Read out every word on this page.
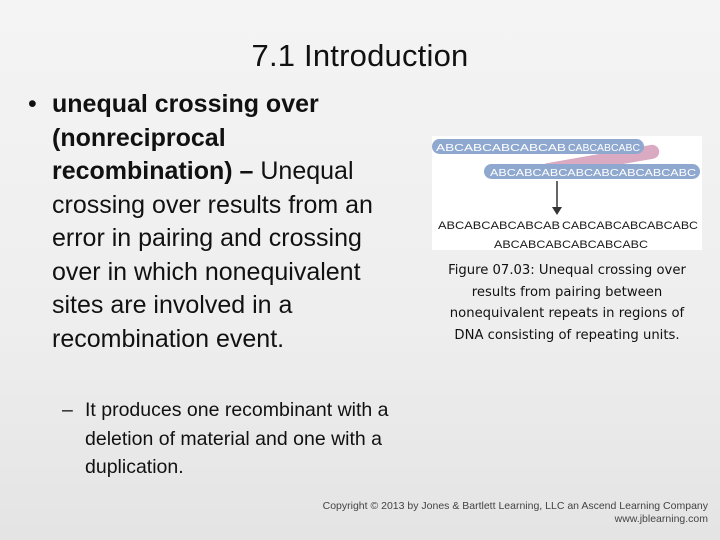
7.1 Introduction
• unequal crossing over (nonreciprocal recombination) – Unequal crossing over results from an error in pairing and crossing over in which nonequivalent sites are involved in a recombination event.
– It produces one recombinant with a deletion of material and one with a duplication.
ABCABCABCABCAB CABCABCABC
ABCABCABCABCABCABCABCABC
ABCABCABCABCAB CABCABCABCABCABC
ABCABCABCABCABCABC
Figure 07.03: Unequal crossing over results from pairing between nonequivalent repeats in regions of DNA consisting of repeating units.
Copyright © 2013 by Jones & Bartlett Learning, LLC an Ascend Learning Company
www.jblearning.com
